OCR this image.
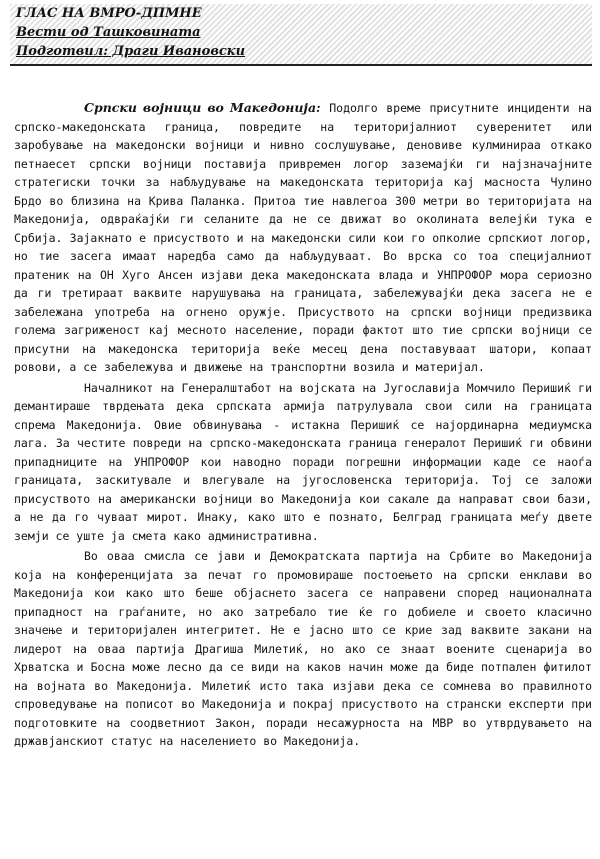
ГЛАС НА ВМРО-ДПМНЕ
Вести од Ташковината
Подготвил: Драги Ивановски

Српски војници во Македонија: Подолго време присутните инциденти на српско-македонската граница, повредите на територијалниот суверенитет или заробување на македонски војници и нивно сослушување, деновиве кулминираа откако петнаесет српски војници поставија привремен логор заземајќи ги најзначајните стратегиски точки за набљудување на македонската територија кај масноста Чулино Брдо во близина на Крива Паланка. Притоа тие навлегоа 300 метри во територијата на Македонија, одвраќајќи ги селаните да не се движат во околината велејќи тука е Србија. Зајакнато е присуството и на македонски сили кои го опколие српскиот логор, но тие засега имаат наредба само да набљудуваат. Во врска со тоа специјалниот пратеник на ОН Хуго Ансен изјави дека македонската влада и УНПРОФОР мора сериозно да ги третираат ваквите нарушувања на границата, забележувајќи дека засега не е забележана употреба на огнено оружје. Присуството на српски војници предизвика голема загриженост кај месното население, поради фактот што тие српски војници се присутни на македонска територија веќе месец дена поставуваат шатори, копаат ровови, а се забележува и движење на транспортни возила и материјал.

Началникот на Генералштабот на војската на Југославија Момчило Перишиќ ги демантираше тврдењата дека српската армија патрулувала свои сили на границата спрема Македонија. Овие обвинувања - истакна Перишиќ се најординарна медиумска лага. За честите повреди на српско-македонската граница генералот Перишиќ ги обвини припадниците на УНПРОФОР кои наводно поради погрешни информации каде се наоѓа границата, заскитувале и влегувале на југословенска територија. Тој се заложи присуството на американски војници во Македонија кои сакале да направат свои бази, а не да го чуваат мирот. Инаку, како што е познато, Белград границата меѓу двете земји се уште ја смета како административна.

Во оваа смисла се јави и Демократската партија на Србите во Македонија која на конференцијата за печат го промовираше постоењето на српски енклави во Македонија кои како што беше објаснето засега се направени според националната припадност на граѓаните, но ако затребало тие ќе го добиеле и своето класично значење и територијален интегритет. Не е јасно што се крие зад ваквите закани на лидерот на оваа партија Драгиша Милетиќ, но ако се знаат воените сценарија во Хрватска и Босна може лесно да се види на каков начин може да биде потпален фитилот на војната во Македонија. Милетиќ исто така изјави дека се сомнева во правилното спроведување на пописот во Македонија и покрај присуството на странски експерти при подготовките на соодветниот Закон, поради несажурноста на МВР во утврдувањето на државјанскиот статус на населението во Македонија.
